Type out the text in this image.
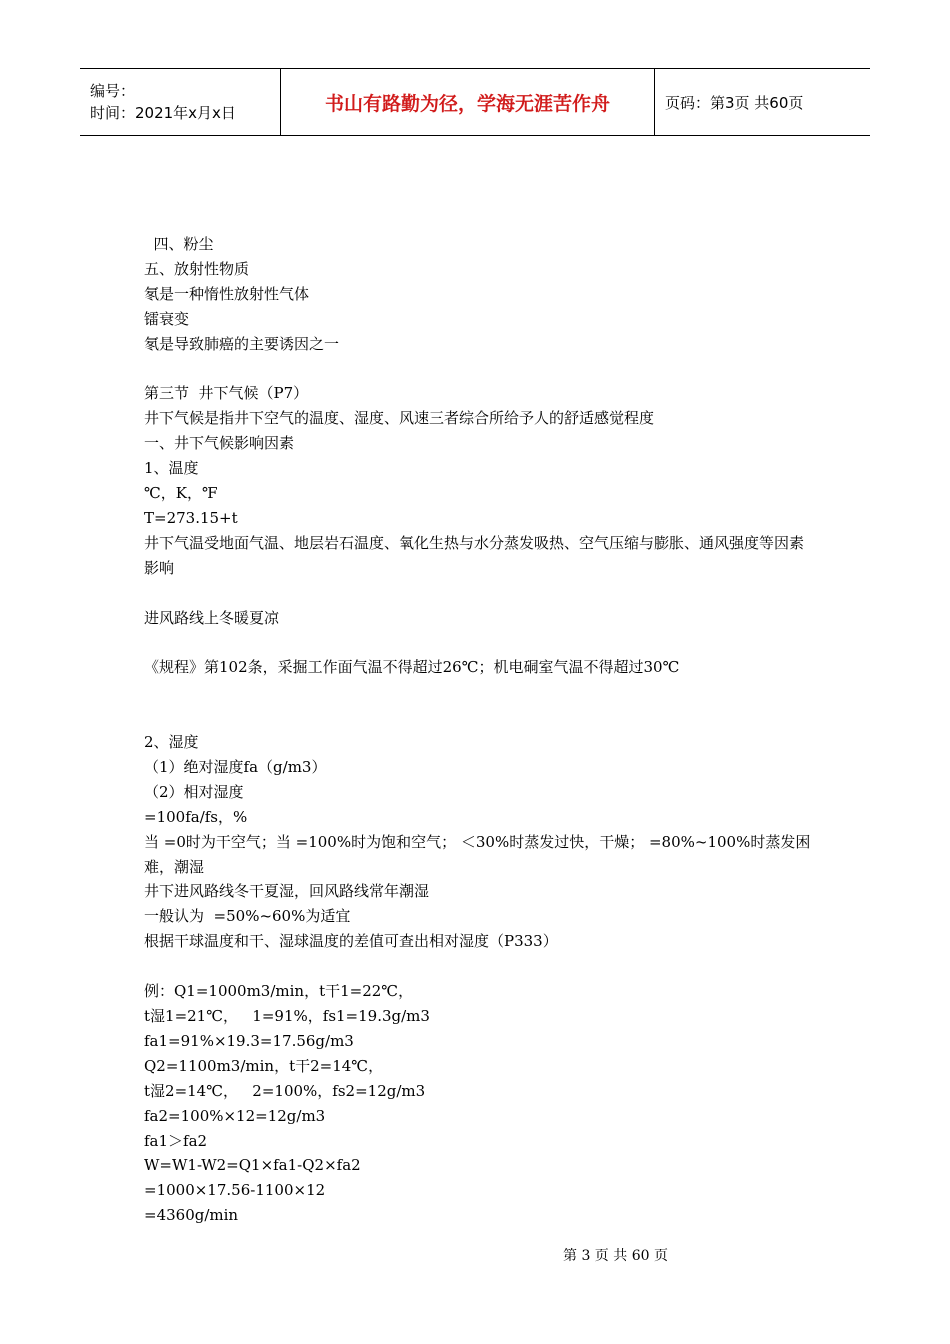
编号：
时间：2021年x月x日	书山有路勤为径，学海无涯苦作舟	页码：第3页 共60页
四、粉尘
五、放射性物质
氡是一种惰性放射性气体
镭衰变
氡是导致肺癌的主要诱因之一
第三节  井下气候（P7）
井下气候是指井下空气的温度、湿度、风速三者综合所给予人的舒适感觉程度
一、井下气候影响因素
1、温度
℃，K，℉
T=273.15+t
井下气温受地面气温、地层岩石温度、氧化生热与水分蒸发吸热、空气压缩与膨胀、通风强度等因素影响
进风路线上冬暖夏凉
《规程》第102条，采掘工作面气温不得超过26℃；机电硐室气温不得超过30℃
2、湿度
（1）绝对湿度fa（g/m3）
（2）相对湿度
=100fa/fs，%
当 =0时为干空气；当 =100%时为饱和空气； ＜30%时蒸发过快，干燥； =80%~100%时蒸发困难，潮湿
井下进风路线冬干夏湿，回风路线常年潮湿
一般认为  =50%~60%为适宜
根据干球温度和干、湿球温度的差值可查出相对湿度（P333）
例：Q1=1000m3/min，t干1=22℃，
t湿1=21℃，   1=91%，fs1=19.3g/m3
fa1=91%×19.3=17.56g/m3
Q2=1100m3/min，t干2=14℃，
t湿2=14℃，   2=100%，fs2=12g/m3
fa2=100%×12=12g/m3
fa1＞fa2
W=W1-W2=Q1×fa1-Q2×fa2
=1000×17.56-1100×12
=4360g/min
第 3 页 共 60 页
